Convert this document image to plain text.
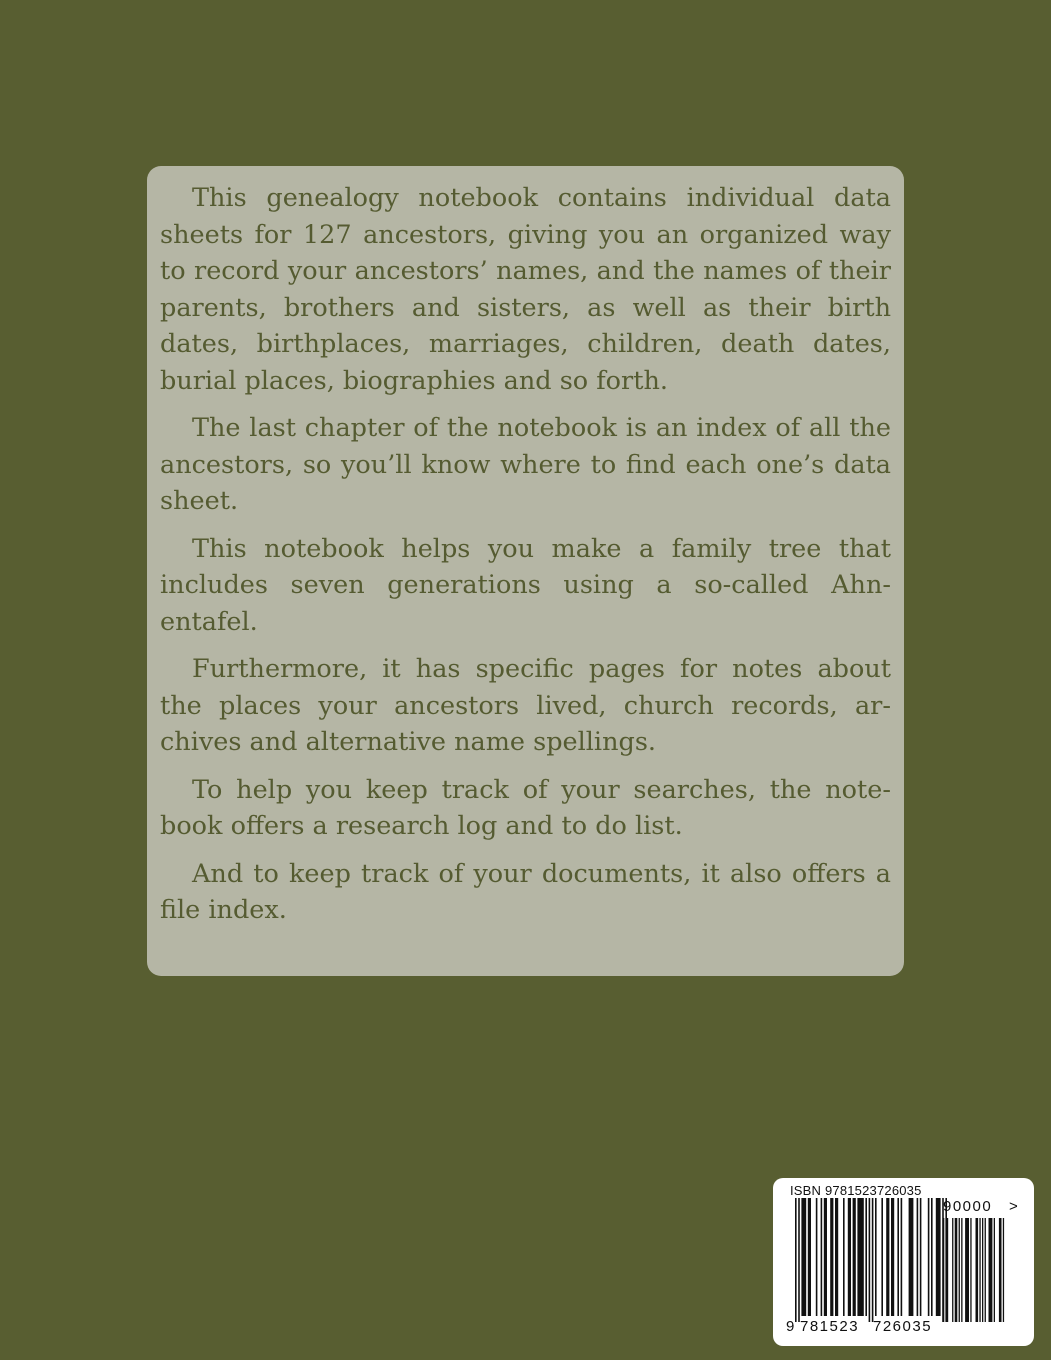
This genealogy notebook contains individual data sheets for 127 ancestors, giving you an organized way to record your ancestors’ names, and the names of their parents, brothers and sisters, as well as their birth dates, birthplaces, marriages, children, death dates, burial places, biographies and so forth.

The last chapter of the notebook is an index of all the ancestors, so you’ll know where to find each one’s data sheet.

This notebook helps you make a family tree that includes seven generations using a so-called Ahnentafel.

Furthermore, it has specific pages for notes about the places your ancestors lived, church records, archives and alternative name spellings.

To help you keep track of your searches, the notebook offers a research log and to do list.

And to keep track of your documents, it also offers a file index.

ISBN 9781523726035
90000 >
9 781523 726035
